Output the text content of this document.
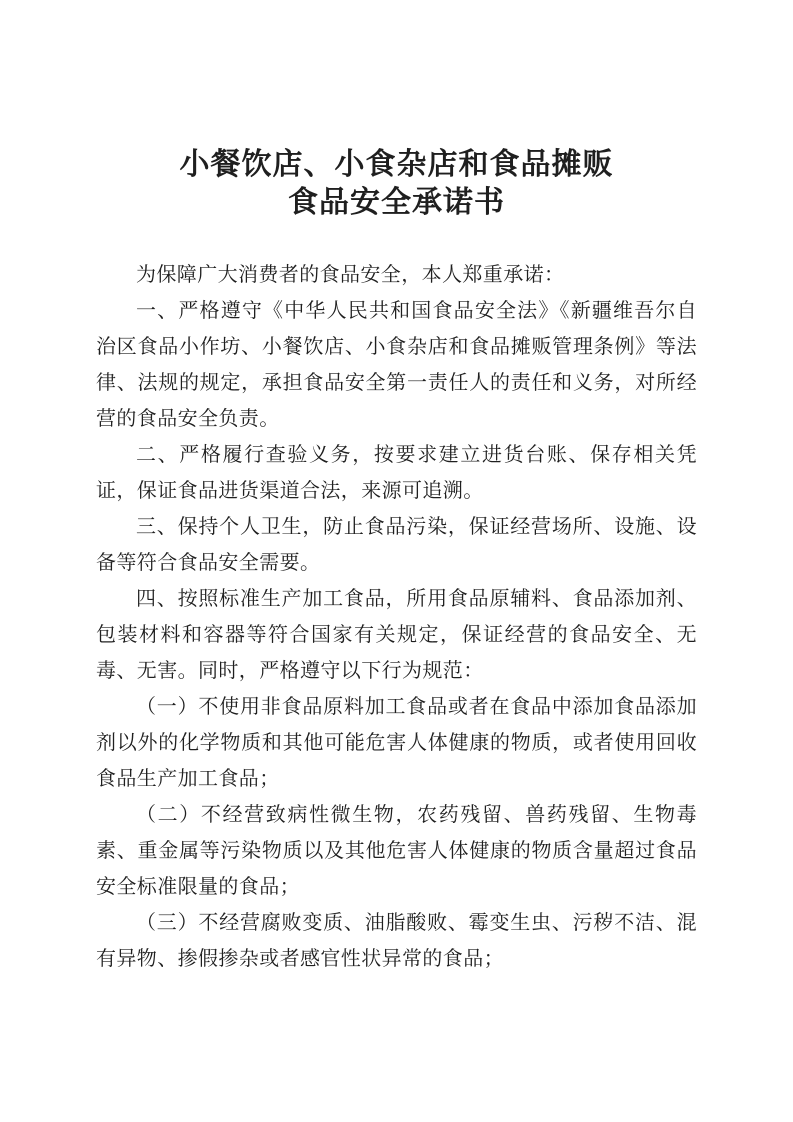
小餐饮店、小食杂店和食品摊贩
食品安全承诺书

为保障广大消费者的食品安全，本人郑重承诺：

一、严格遵守《中华人民共和国食品安全法》《新疆维吾尔自治区食品小作坊、小餐饮店、小食杂店和食品摊贩管理条例》等法律、法规的规定，承担食品安全第一责任人的责任和义务，对所经营的食品安全负责。

二、严格履行查验义务，按要求建立进货台账、保存相关凭证，保证食品进货渠道合法，来源可追溯。

三、保持个人卫生，防止食品污染，保证经营场所、设施、设备等符合食品安全需要。

四、按照标准生产加工食品，所用食品原辅料、食品添加剂、包装材料和容器等符合国家有关规定，保证经营的食品安全、无毒、无害。同时，严格遵守以下行为规范：

（一）不使用非食品原料加工食品或者在食品中添加食品添加剂以外的化学物质和其他可能危害人体健康的物质，或者使用回收食品生产加工食品；

（二）不经营致病性微生物，农药残留、兽药残留、生物毒素、重金属等污染物质以及其他危害人体健康的物质含量超过食品安全标准限量的食品；

（三）不经营腐败变质、油脂酸败、霉变生虫、污秽不洁、混有异物、掺假掺杂或者感官性状异常的食品；
